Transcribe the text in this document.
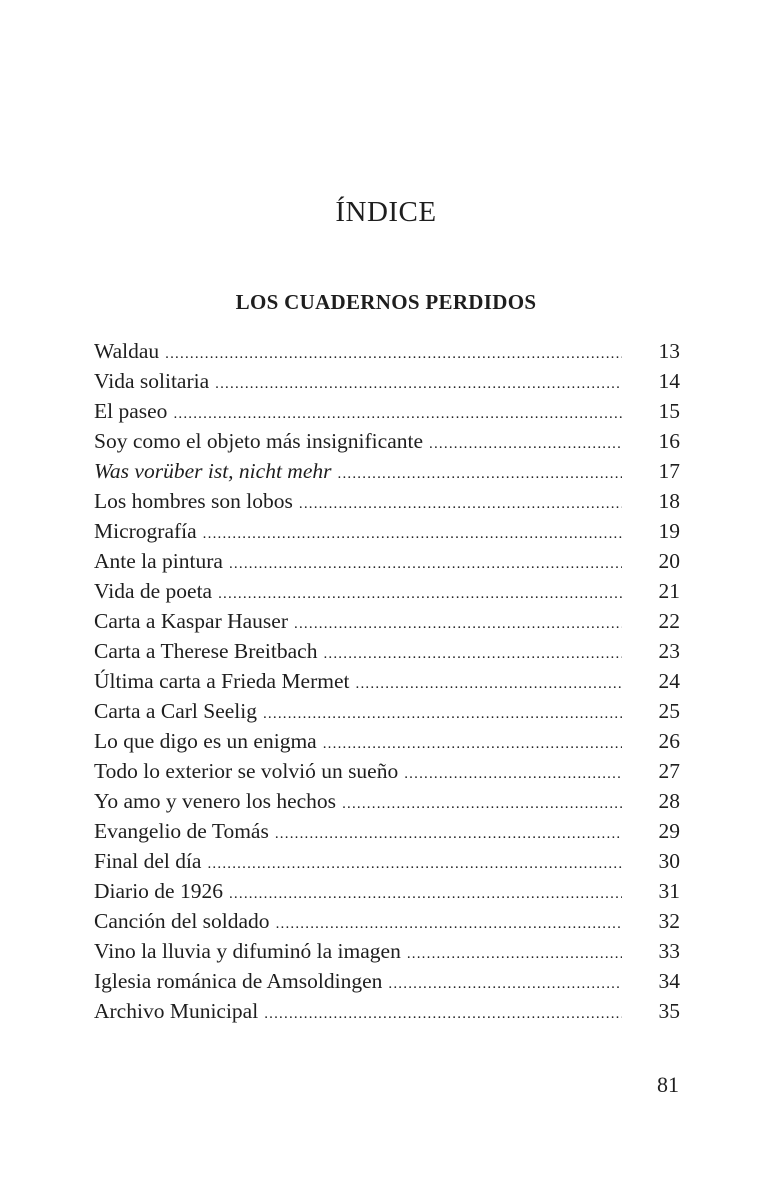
ÍNDICE
LOS CUADERNOS PERDIDOS
Waldau .....	13
Vida solitaria .....	14
El paseo .....	15
Soy como el objeto más insignificante .....	16
Was vorüber ist, nicht mehr .....	17
Los hombres son lobos .....	18
Micrografía .....	19
Ante la pintura .....	20
Vida de poeta .....	21
Carta a Kaspar Hauser .....	22
Carta a Therese Breitbach .....	23
Última carta a Frieda Mermet .....	24
Carta a Carl Seelig .....	25
Lo que digo es un enigma .....	26
Todo lo exterior se volvió un sueño .....	27
Yo amo y venero los hechos .....	28
Evangelio de Tomás .....	29
Final del día .....	30
Diario de 1926 .....	31
Canción del soldado .....	32
Vino la lluvia y difuminó la imagen .....	33
Iglesia románica de Amsoldingen .....	34
Archivo Municipal .....	35
81
